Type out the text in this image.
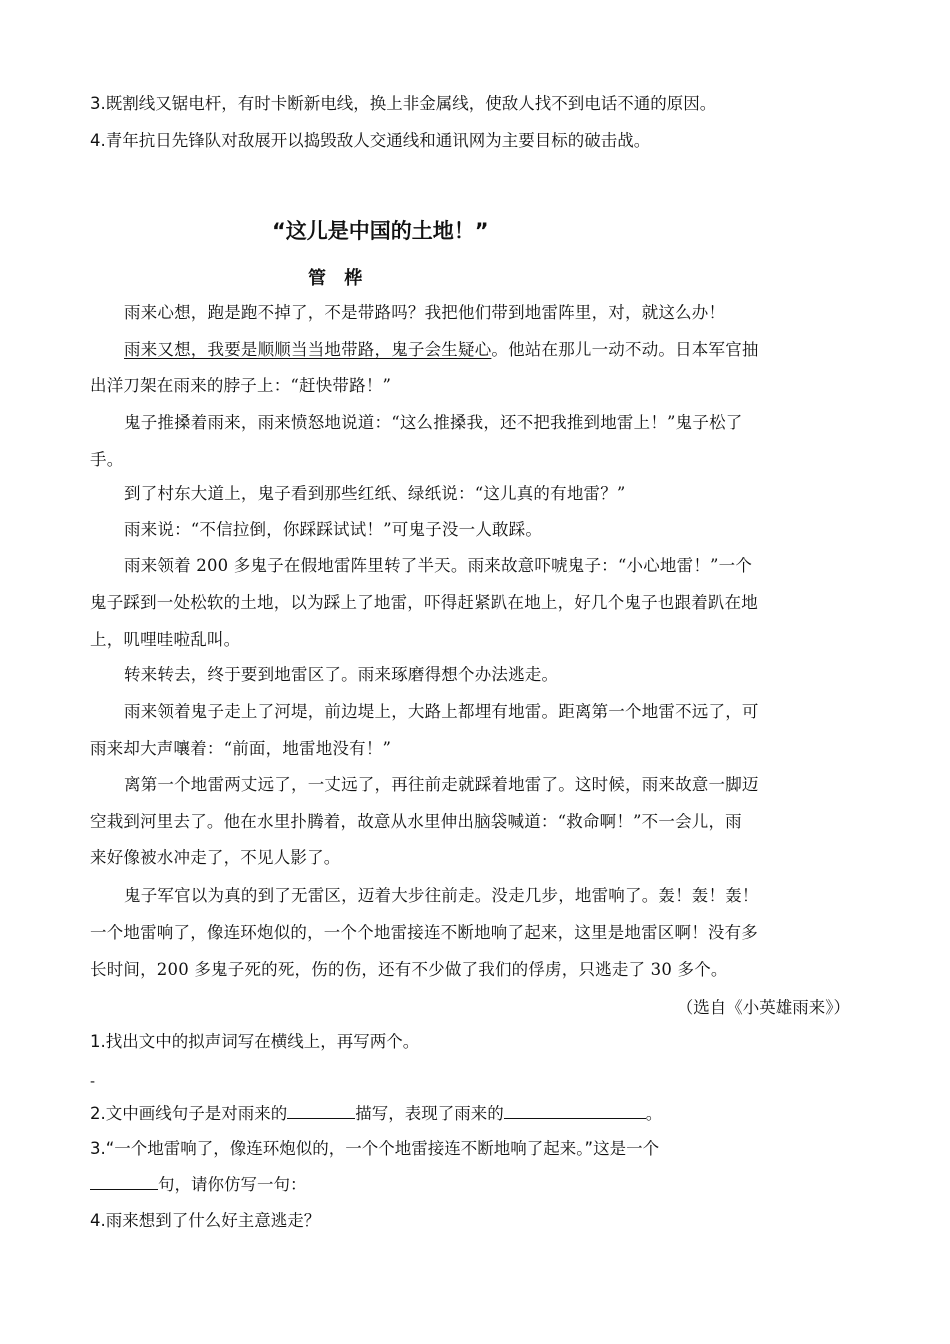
3.既割线又锯电杆，有时卡断新电线，换上非金属线，使敌人找不到电话不通的原因。
4.青年抗日先锋队对敌展开以捣毁敌人交通线和通讯网为主要目标的破击战。
“这儿是中国的土地！”
管 桦
雨来心想，跑是跑不掉了，不是带路吗？我把他们带到地雷阵里，对，就这么办！
雨来又想，我要是顺顺当当地带路，鬼子会生疑心。他站在那儿一动不动。日本军官抽
出洋刀架在雨来的脖子上：“赶快带路！”
鬼子推搡着雨来，雨来愤怒地说道：“这么推搡我，还不把我推到地雷上！”鬼子松了
手。
到了村东大道上，鬼子看到那些红纸、绿纸说：“这儿真的有地雷？”
雨来说：“不信拉倒，你踩踩试试！”可鬼子没一人敢踩。
雨来领着 200 多鬼子在假地雷阵里转了半天。雨来故意吓唬鬼子：“小心地雷！”一个
鬼子踩到一处松软的土地，以为踩上了地雷，吓得赶紧趴在地上，好几个鬼子也跟着趴在地
上，叽哩哇啦乱叫。
转来转去，终于要到地雷区了。雨来琢磨得想个办法逃走。
雨来领着鬼子走上了河堤，前边堤上，大路上都埋有地雷。距离第一个地雷不远了，可
雨来却大声嚷着：“前面，地雷地没有！”
离第一个地雷两丈远了，一丈远了，再往前走就踩着地雷了。这时候，雨来故意一脚迈
空栽到河里去了。他在水里扑腾着，故意从水里伸出脑袋喊道：“救命啊！”不一会儿，雨
来好像被水冲走了，不见人影了。
鬼子军官以为真的到了无雷区，迈着大步往前走。没走几步，地雷响了。轰！轰！轰！
一个地雷响了，像连环炮似的，一个个地雷接连不断地响了起来，这里是地雷区啊！没有多
长时间，200 多鬼子死的死，伤的伤，还有不少做了我们的俘虏，只逃走了 30 多个。
（选自《小英雄雨来》）
1.找出文中的拟声词写在横线上，再写两个。
-
2.文中画线句子是对雨来的	描写，表现了雨来的	。
3.“一个地雷响了，像连环炮似的，一个个地雷接连不断地响了起来。”这是一个
句，请你仿写一句：
4.雨来想到了什么好主意逃走？
